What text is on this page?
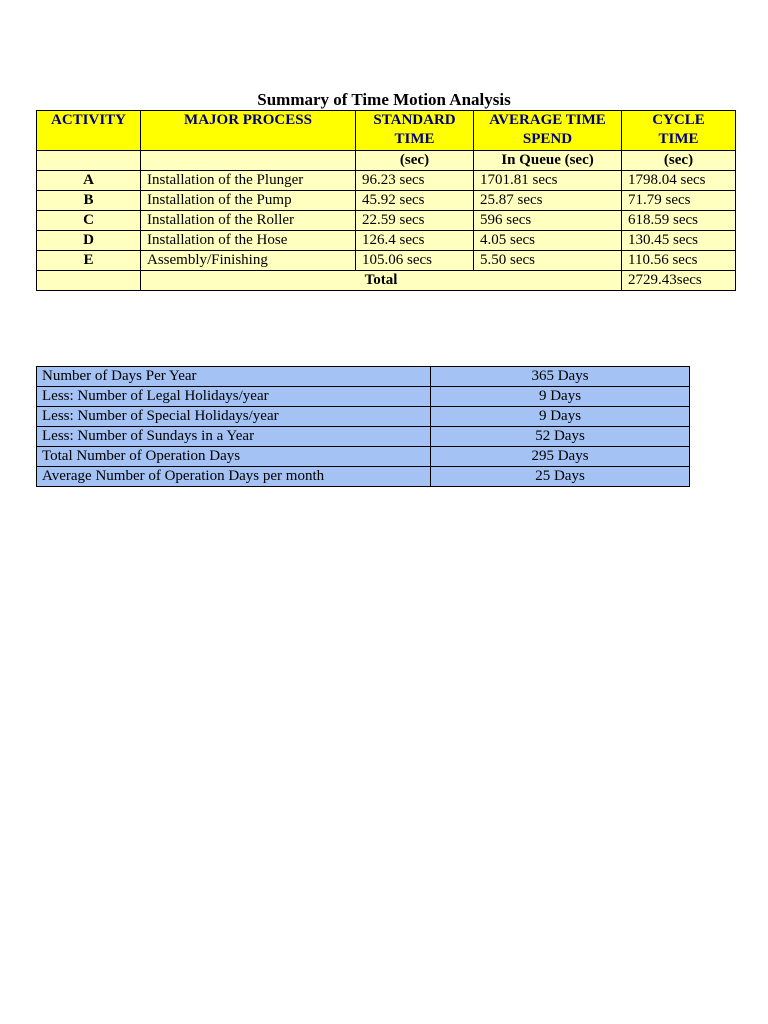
Summary of Time Motion Analysis
ACTIVITY	MAJOR PROCESS	STANDARD TIME	AVERAGE TIME SPEND	CYCLE TIME
		(sec)	In Queue (sec)	(sec)
A	Installation of the Plunger	96.23 secs	1701.81 secs	1798.04 secs
B	Installation of the Pump	45.92 secs	25.87 secs	71.79 secs
C	Installation of the Roller	22.59 secs	596 secs	618.59 secs
D	Installation of the Hose	126.4 secs	4.05 secs	130.45 secs
E	Assembly/Finishing	105.06 secs	5.50 secs	110.56 secs
	Total			2729.43secs
Number of Days Per Year	365 Days
Less: Number of Legal Holidays/year	9 Days
Less: Number of Special Holidays/year	9 Days
Less: Number of Sundays in a Year	52 Days
Total Number of Operation Days	295 Days
Average Number of Operation Days per month	25 Days
